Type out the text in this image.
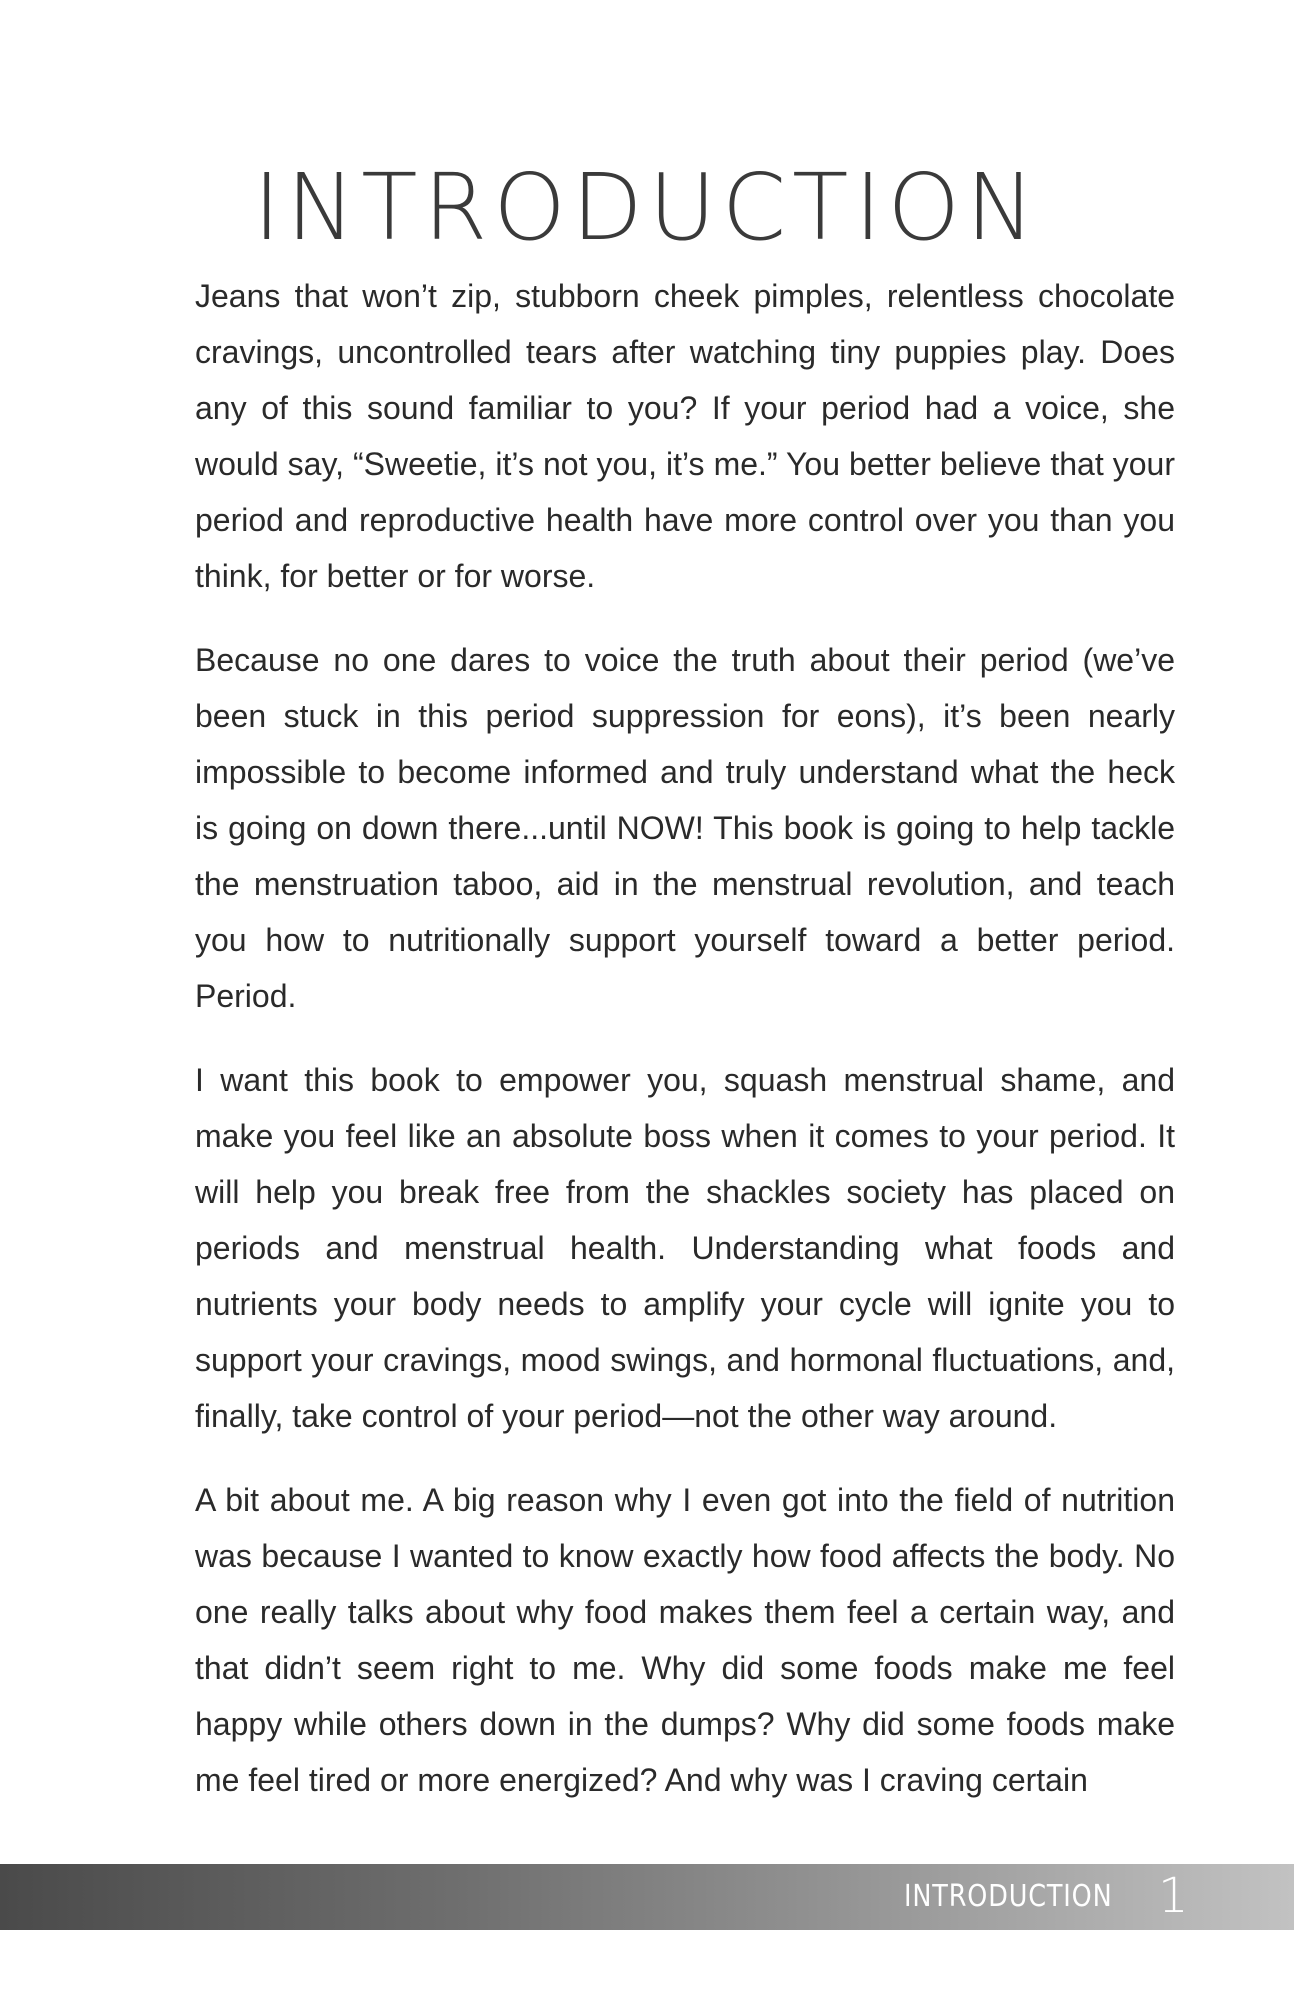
INTRODUCTION

Jeans that won’t zip, stubborn cheek pimples, relentless chocolate cravings, uncontrolled tears after watching tiny puppies play. Does any of this sound familiar to you? If your period had a voice, she would say, “Sweetie, it’s not you, it’s me.” You better believe that your period and reproductive health have more control over you than you think, for better or for worse.

Because no one dares to voice the truth about their period (we’ve been stuck in this period suppression for eons), it’s been nearly impossible to become informed and truly understand what the heck is going on down there...until NOW! This book is going to help tackle the menstruation taboo, aid in the menstrual revolution, and teach you how to nutritionally support yourself toward a better period. Period.

I want this book to empower you, squash menstrual shame, and make you feel like an absolute boss when it comes to your period. It will help you break free from the shackles society has placed on periods and menstrual health. Understanding what foods and nutrients your body needs to amplify your cycle will ignite you to support your cravings, mood swings, and hormonal fluctuations, and, finally, take control of your period—not the other way around.

A bit about me. A big reason why I even got into the field of nutrition was because I wanted to know exactly how food affects the body. No one really talks about why food makes them feel a certain way, and that didn’t seem right to me. Why did some foods make me feel happy while others down in the dumps? Why did some foods make me feel tired or more energized? And why was I craving certain

INTRODUCTION 1
